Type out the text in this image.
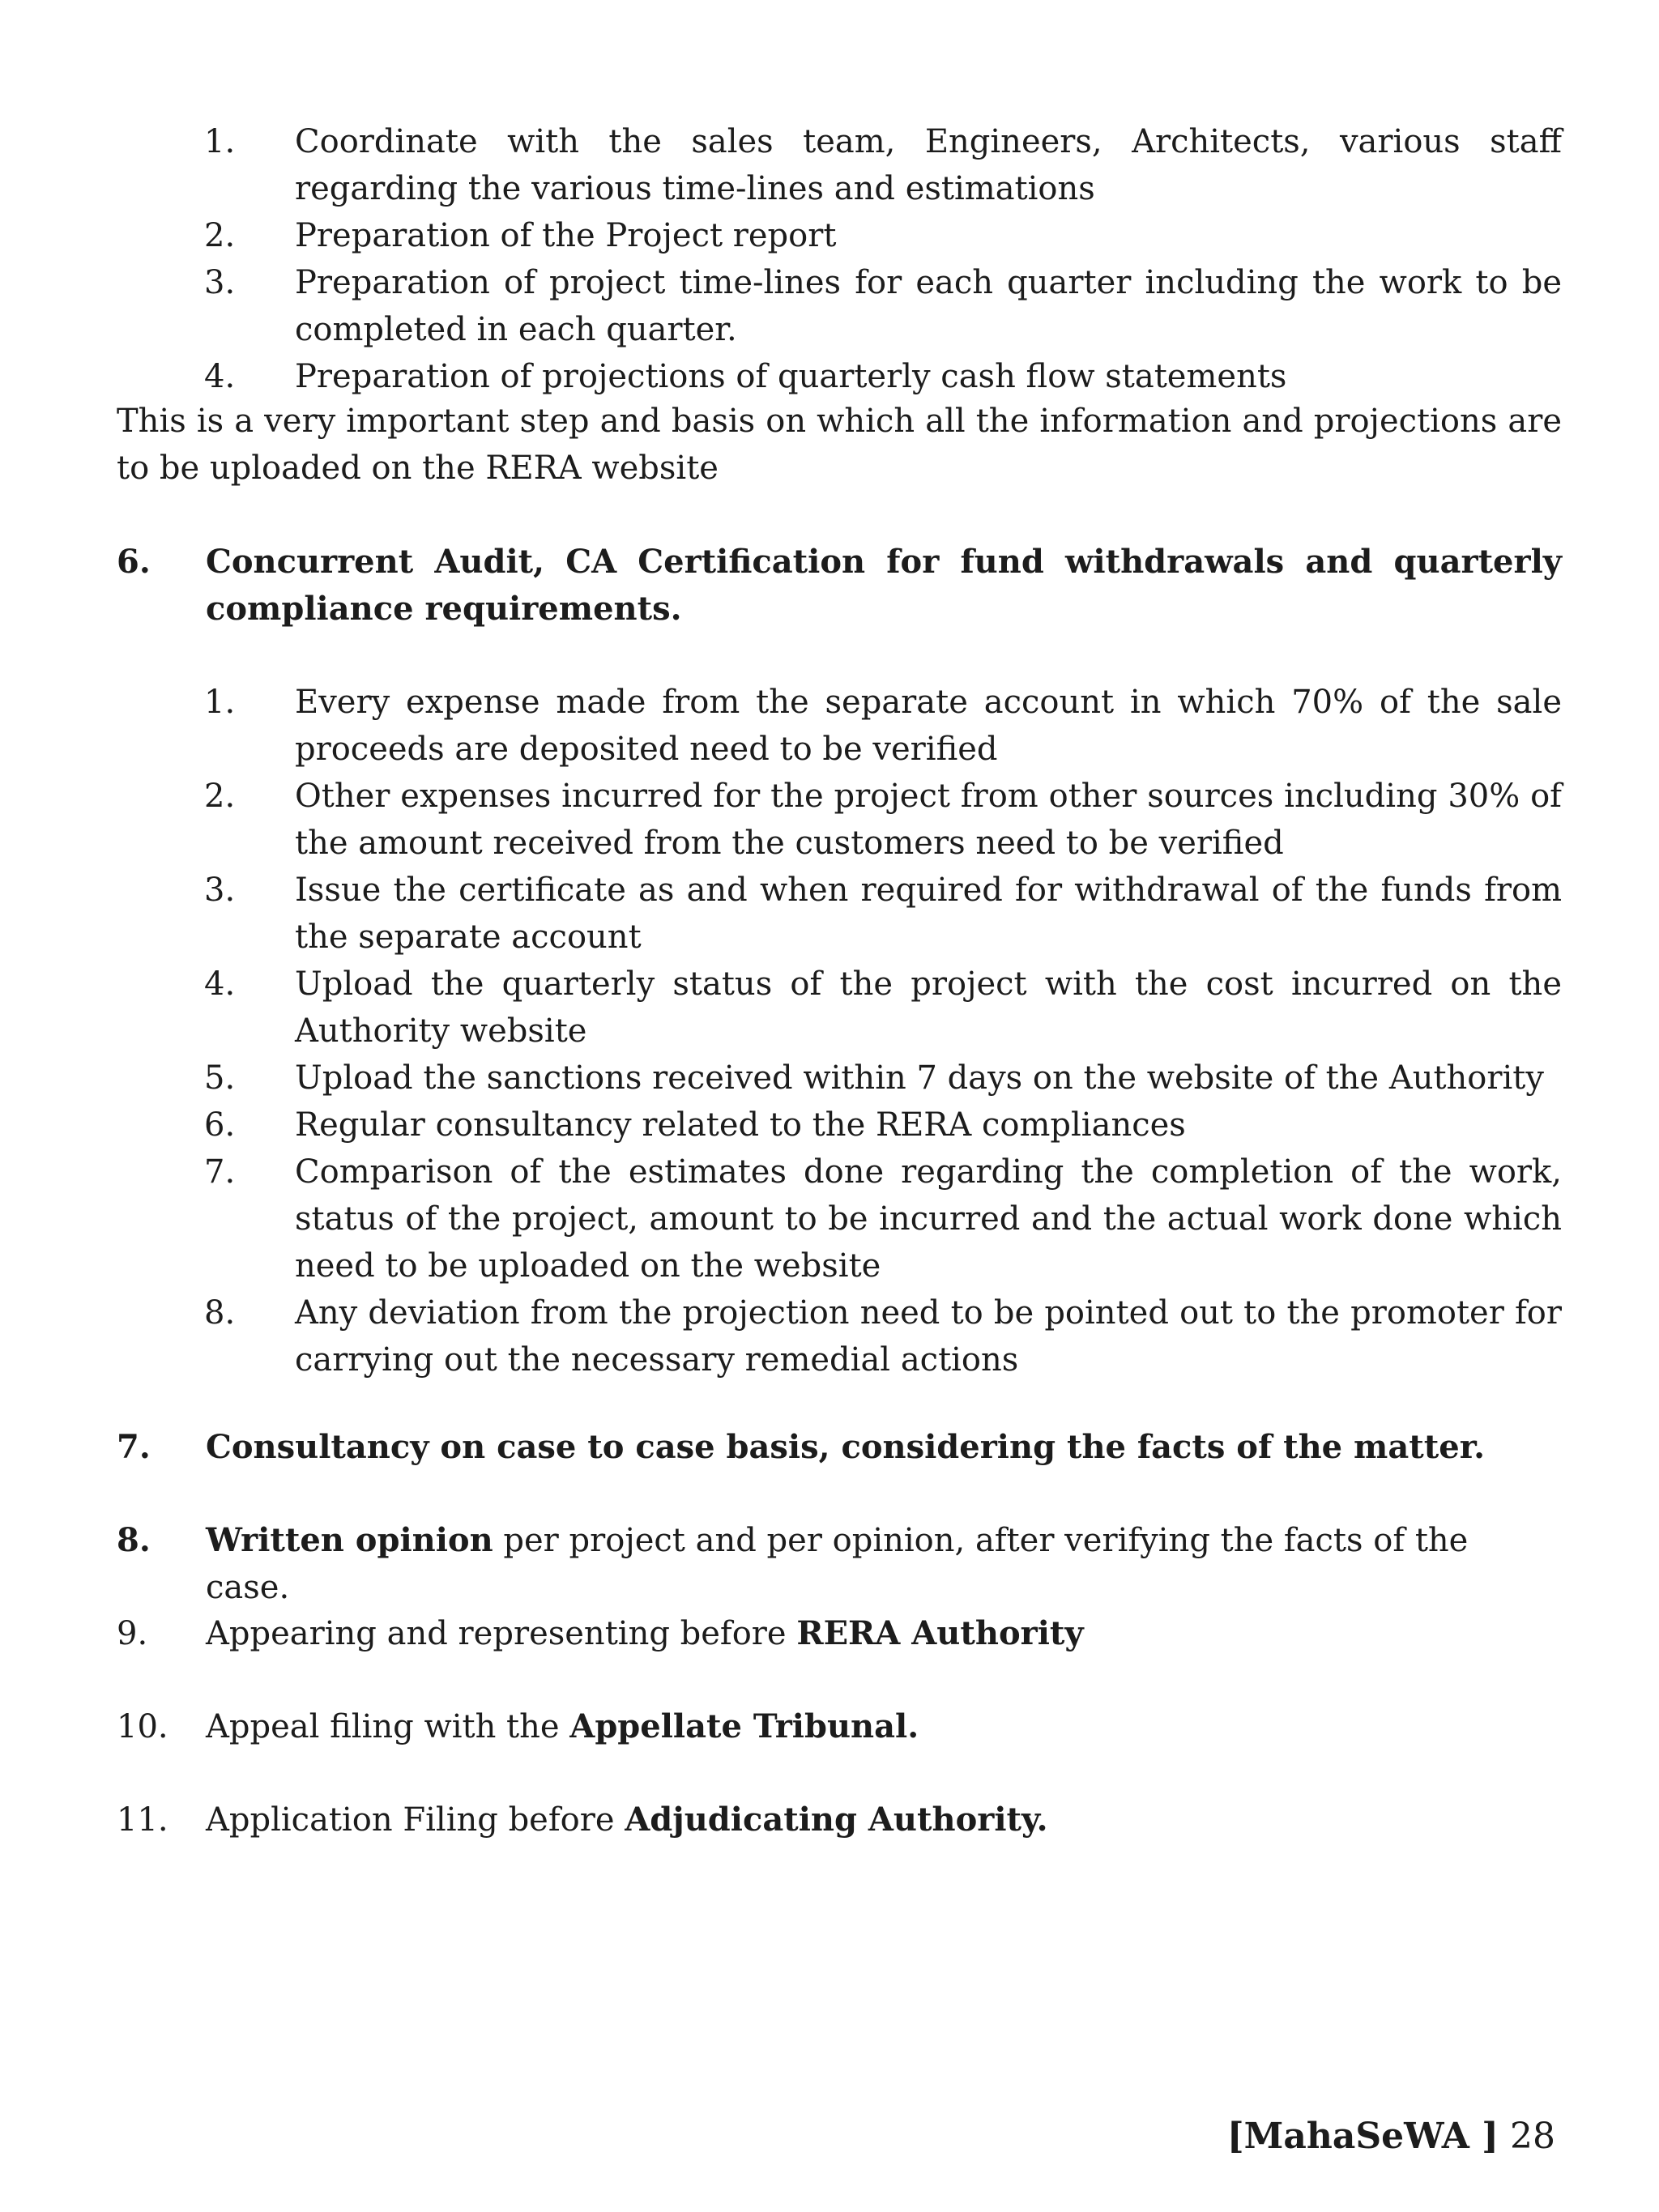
1. Coordinate with the sales team, Engineers, Architects, various staff regarding the various time-lines and estimations
2. Preparation of the Project report
3. Preparation of project time-lines for each quarter including the work to be completed in each quarter.
4. Preparation of projections of quarterly cash flow statements
This is a very important step and basis on which all the information and projections are to be uploaded on the RERA website
6. Concurrent Audit, CA Certification for fund withdrawals and quarterly compliance requirements.
1. Every expense made from the separate account in which 70% of the sale proceeds are deposited need to be verified
2. Other expenses incurred for the project from other sources including 30% of the amount received from the customers need to be verified
3. Issue the certificate as and when required for withdrawal of the funds from the separate account
4. Upload the quarterly status of the project with the cost incurred on the Authority website
5. Upload the sanctions received within 7 days on the website of the Authority
6. Regular consultancy related to the RERA compliances
7. Comparison of the estimates done regarding the completion of the work, status of the project, amount to be incurred and the actual work done which need to be uploaded on the website
8. Any deviation from the projection need to be pointed out to the promoter for carrying out the necessary remedial actions
7. Consultancy on case to case basis, considering the facts of the matter.
8. Written opinion per project and per opinion, after verifying the facts of the case.
9. Appearing and representing before RERA Authority
10. Appeal filing with the Appellate Tribunal.
11. Application Filing before Adjudicating Authority.
[MahaSeWA ] 28
